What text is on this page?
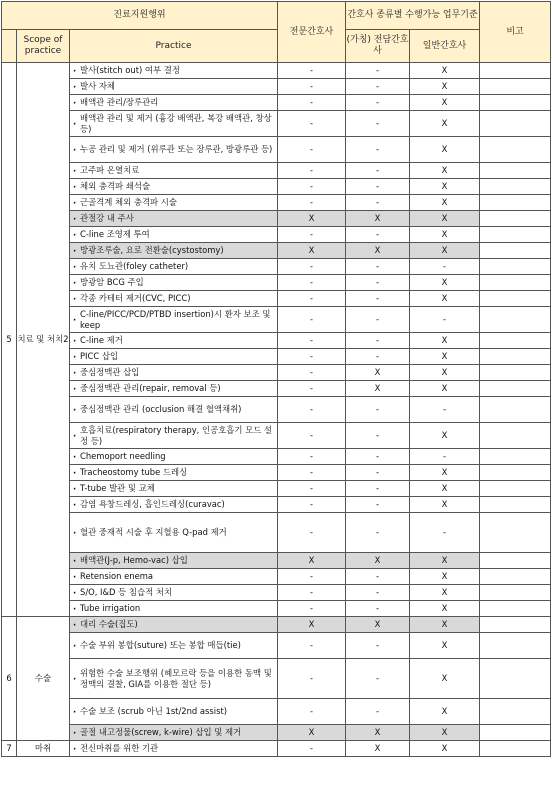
진료지원행위			전문간호사	간호사 종류별 수행가능 업무기준		비고
	Scope of practice	Practice		(가칭) 전담간호사	일반간호사	
5	치료 및 처치2	· 발사(stitch out) 여부 결정	-	-	X	
		· 발사 자체	-	-	X	
		· 배액관 관리/장루관리	-	-	X	
		· 배액관 관리 및 제거 (흉강 배액관, 복강 배액관, 창상 등)	-	-	X	
		· 누공 관리 및 제거 (위루관 또는 장루관, 방광루관 등)	-	-	X	
		· 고주파 온열치료	-	-	X	
		· 체외 충격파 쇄석술	-	-	X	
		· 근골격계 체외 충격파 시술	-	-	X	
		· 관절강 내 주사	X	X	X	
		· C-line 조영제 투여	-	-	X	
		· 방광조루술, 요로 전환술(cystostomy)	X	X	X	
		· 유치 도뇨관(foley catheter)	-	-	-	
		· 방광암 BCG 주입	-	-	X	
		· 각종 카테터 제거(CVC, PICC)	-	-	X	
		· C-line/PICC/PCD/PTBD insertion)시 환자 보조 및 keep	-	-	-	
		· C-line 제거	-	-	X	
		· PICC 삽입	-	-	X	
		· 중심정맥관 삽입	-	X	X	
		· 중심정맥관 관리(repair, removal 등)	-	X	X	
		· 중심정맥관 관리 (occlusion 해결 혈액채취)	-	-	-	
		· 호흡치료(respiratory therapy, 인공호흡기 모드 설정 등)	-	-	X	
		· Chemoport needling	-	-	-	
		· Tracheostomy tube 드레싱	-	-	X	
		· T-tube 발관 및 교체	-	-	X	
		· 감염 욕창드레싱, 흡인드레싱(curavac)	-	-	X	
		· 혈관 중재적 시술 후 지혈용 Q-pad 제거	-	-	-	
		· 배액관(J-p, Hemo-vac) 삽입	X	X	X	
		· Retension enema	-	-	X	
		· S/O, I&D 등 침습적 처치	-	-	X	
		· Tube irrigation	-	-	X	
6	수술	· 대리 수술(집도)	X	X	X	
		· 수술 부위 봉합(suture) 또는 봉합 매듭(tie)	-	-	X	
		· 위험한 수술 보조행위 (혜모르락 등을 이용한 동맥 및 정맥의 결찰, GIA를 이용한 절단 등)	-	-	X	
		· 수술 보조 (scrub 아닌 1st/2nd assist)	-	-	X	
		· 골절 내고정물(screw, k-wire) 삽입 및 제거	X	X	X	
7	마취	· 전신마취를 위한 기관	-	X	X	
